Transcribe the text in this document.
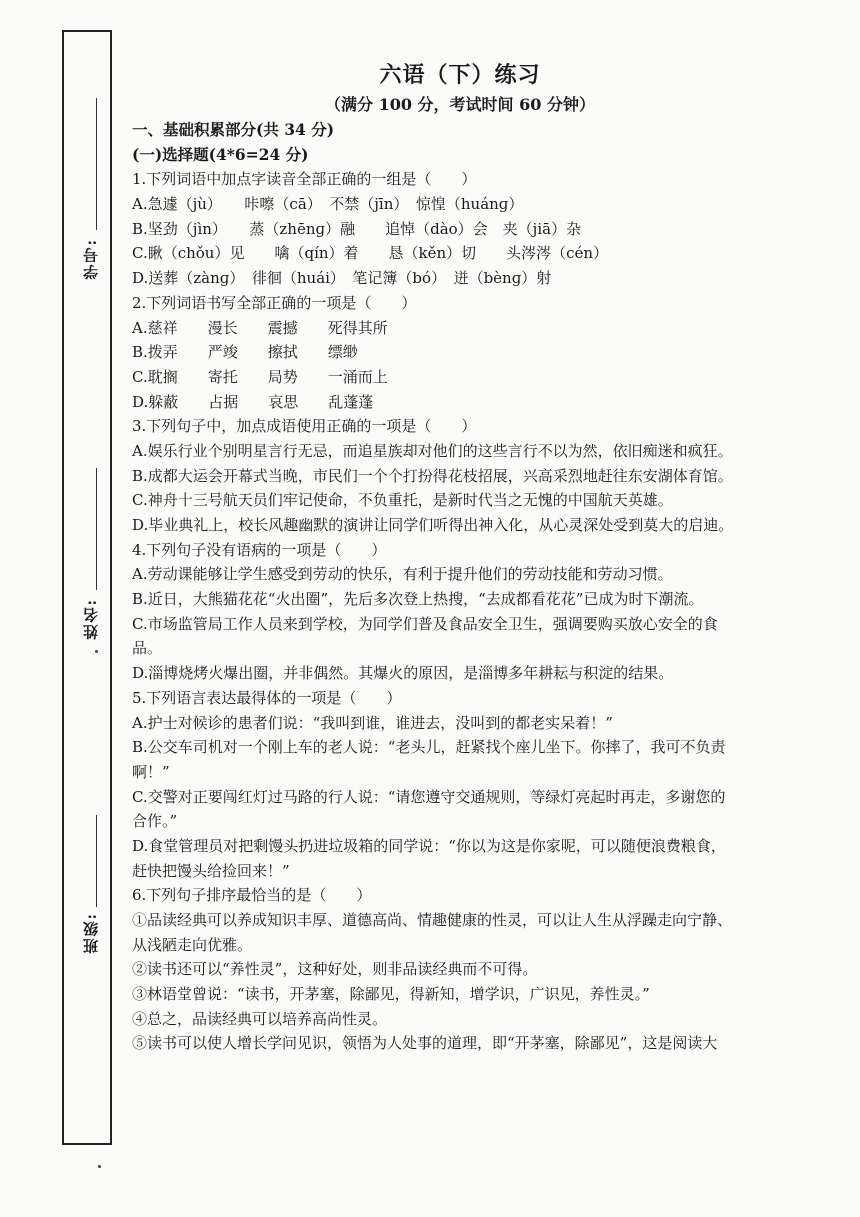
学号:
姓名:
班级:
六语（下）练习
（满分 100 分，考试时间 60 分钟）
一、基础积累部分(共 34 分)
(一)选择题(4*6=24 分)
1.下列词语中加点字读音全部正确的一组是（　　）
A.急遽（jù）　　咔嚓（cā）　不禁（jīn）　惊惶（huánɡ）
B.坚劲（jìn）　　蒸（zhēnɡ）融　　追悼（dào）会　夹（jiā）杂
C.瞅（chǒu）见　　噙（qín）着　　恳（kěn）切　　头涔涔（cén）
D.送葬（zànɡ）　徘徊（huái）　笔记簿（bó）　迸（bènɡ）射
2.下列词语书写全部正确的一项是（　　）
A.慈祥　　漫长　　震撼　　死得其所
B.拨弄　　严竣　　擦拭　　缥缈
C.耽搁　　寄托　　局势　　一涌而上
D.躲蔽　　占据　　哀思　　乱蓬蓬
3.下列句子中，加点成语使用正确的一项是（　　）
A.娱乐行业个别明星言行无忌，而追星族却对他们的这些言行不以为然，依旧痴迷和疯狂。
B.成都大运会开幕式当晚，市民们一个个打扮得花枝招展，兴高采烈地赶往东安湖体育馆。
C.神舟十三号航天员们牢记使命，不负重托，是新时代当之无愧的中国航天英雄。
D.毕业典礼上，校长风趣幽默的演讲让同学们听得出神入化，从心灵深处受到莫大的启迪。
4.下列句子没有语病的一项是（　　）
A.劳动课能够让学生感受到劳动的快乐，有利于提升他们的劳动技能和劳动习惯。
B.近日，大熊猫花花“火出圈”，先后多次登上热搜，“去成都看花花”已成为时下潮流。
C.市场监管局工作人员来到学校，为同学们普及食品安全卫生，强调要购买放心安全的食
品。
D.淄博烧烤火爆出圈，并非偶然。其爆火的原因，是淄博多年耕耘与积淀的结果。
5.下列语言表达最得体的一项是（　　）
A.护士对候诊的患者们说：“我叫到谁，谁进去，没叫到的都老实呆着！”
B.公交车司机对一个刚上车的老人说：“老头儿，赶紧找个座儿坐下。你摔了，我可不负责
啊！”
C.交警对正要闯红灯过马路的行人说：“请您遵守交通规则，等绿灯亮起时再走，多谢您的
合作。”
D.食堂管理员对把剩馒头扔进垃圾箱的同学说：“你以为这是你家呢，可以随便浪费粮食，
赶快把馒头给捡回来！”
6.下列句子排序最恰当的是（　　）
①品读经典可以养成知识丰厚、道德高尚、情趣健康的性灵，可以让人生从浮躁走向宁静、
从浅陋走向优雅。
②读书还可以“养性灵”，这种好处，则非品读经典而不可得。
③林语堂曾说：“读书，开茅塞，除鄙见，得新知，增学识，广识见，养性灵。”
④总之，品读经典可以培养高尚性灵。
⑤读书可以使人增长学问见识，领悟为人处事的道理，即“开茅塞，除鄙见”，这是阅读大
